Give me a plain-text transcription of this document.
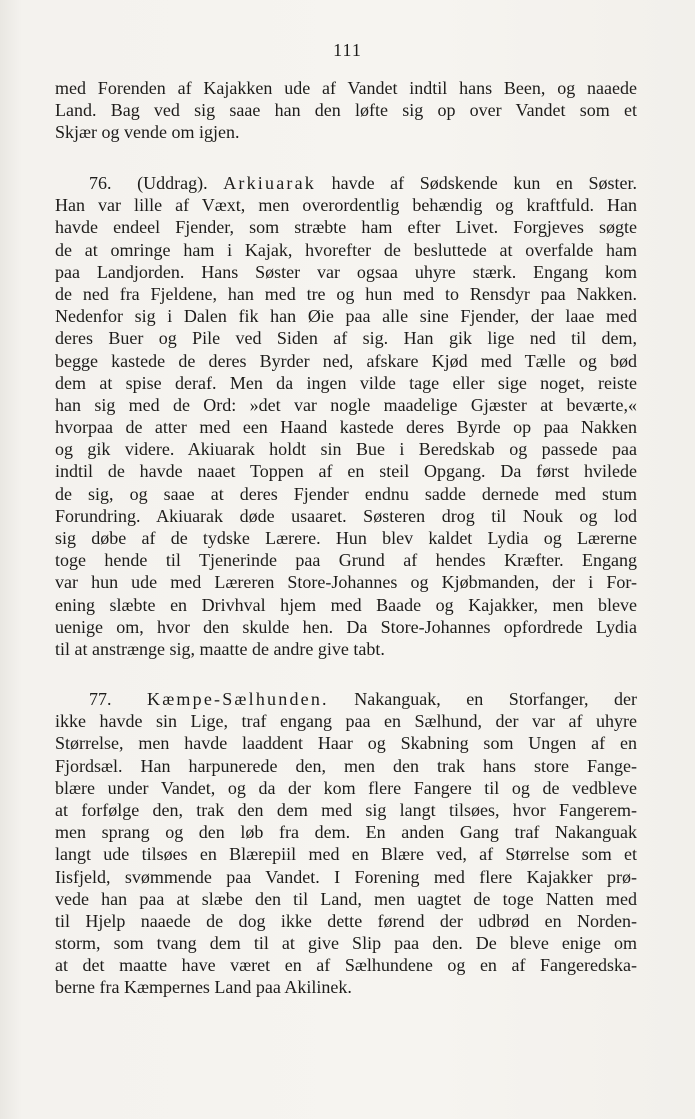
111
med Forenden af Kajakken ude af Vandet indtil hans Been, og naaede
Land. Bag ved sig saae han den løfte sig op over Vandet som et
Skjær og vende om igjen.
76. (Uddrag). Arkiuarak havde af Sødskende kun en Søster.
Han var lille af Væxt, men overordentlig behændig og kraftfuld. Han
havde endeel Fjender, som stræbte ham efter Livet. Forgjeves søgte
de at omringe ham i Kajak, hvorefter de besluttede at overfalde ham
paa Landjorden. Hans Søster var ogsaa uhyre stærk. Engang kom
de ned fra Fjeldene, han med tre og hun med to Rensdyr paa Nakken.
Nedenfor sig i Dalen fik han Øie paa alle sine Fjender, der laae med
deres Buer og Pile ved Siden af sig. Han gik lige ned til dem,
begge kastede de deres Byrder ned, afskare Kjød med Tælle og bød
dem at spise deraf. Men da ingen vilde tage eller sige noget, reiste
han sig med de Ord: »det var nogle maadelige Gjæster at beværte,«
hvorpaa de atter med een Haand kastede deres Byrde op paa Nakken
og gik videre. Akiuarak holdt sin Bue i Beredskab og passede paa
indtil de havde naaet Toppen af en steil Opgang. Da først hvilede
de sig, og saae at deres Fjender endnu sadde dernede med stum
Forundring. Akiuarak døde usaaret. Søsteren drog til Nouk og lod
sig døbe af de tydske Lærere. Hun blev kaldet Lydia og Lærerne
toge hende til Tjenerinde paa Grund af hendes Kræfter. Engang
var hun ude med Læreren Store-Johannes og Kjøbmanden, der i For-
ening slæbte en Drivhval hjem med Baade og Kajakker, men bleve
uenige om, hvor den skulde hen. Da Store-Johannes opfordrede Lydia
til at anstrænge sig, maatte de andre give tabt.
77. Kæmpe-Sælhunden. Nakanguak, en Storfanger, der
ikke havde sin Lige, traf engang paa en Sælhund, der var af uhyre
Størrelse, men havde laaddent Haar og Skabning som Ungen af en
Fjordsæl. Han harpunerede den, men den trak hans store Fange-
blære under Vandet, og da der kom flere Fangere til og de vedbleve
at forfølge den, trak den dem med sig langt tilsøes, hvor Fangerem-
men sprang og den løb fra dem. En anden Gang traf Nakanguak
langt ude tilsøes en Blærepiil med en Blære ved, af Størrelse som et
Iisfjeld, svømmende paa Vandet. I Forening med flere Kajakker prø-
vede han paa at slæbe den til Land, men uagtet de toge Natten med
til Hjelp naaede de dog ikke dette førend der udbrød en Norden-
storm, som tvang dem til at give Slip paa den. De bleve enige om
at det maatte have været en af Sælhundene og en af Fangeredska-
berne fra Kæmpernes Land paa Akilinek.
